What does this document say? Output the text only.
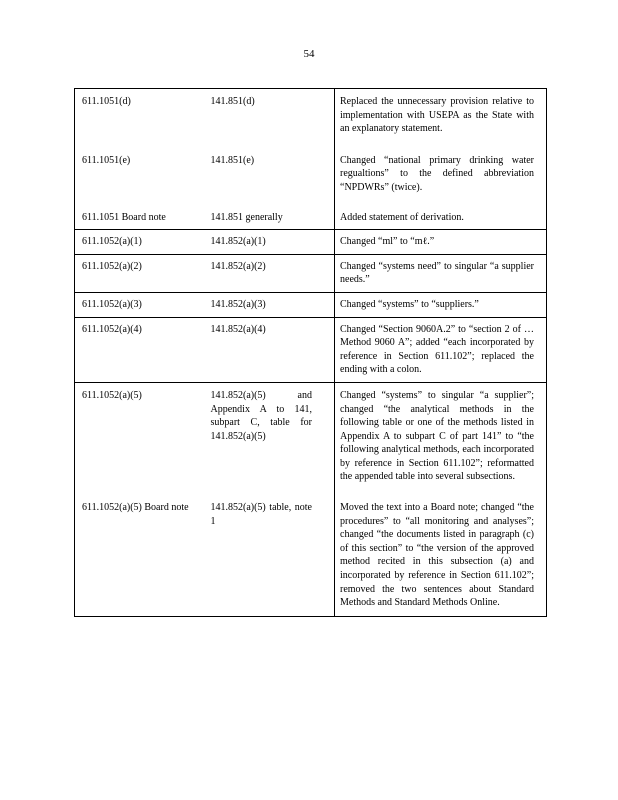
54
611.1051(d)	141.851(d)	Replaced the unnecessary provision relative to implementation with USEPA as the State with an explanatory statement.
611.1051(e)	141.851(e)	Changed “national primary drinking water regualtions” to the defined abbreviation “NPDWRs” (twice).
611.1051 Board note	141.851 generally	Added statement of derivation.
611.1052(a)(1)	141.852(a)(1)	Changed “ml” to “mℓ.”
611.1052(a)(2)	141.852(a)(2)	Changed “systems need” to singular “a supplier needs.”
611.1052(a)(3)	141.852(a)(3)	Changed “systems” to “suppliers.”
611.1052(a)(4)	141.852(a)(4)	Changed “Section 9060A.2” to “section 2 of … Method 9060 A”; added “each incorporated by reference in Section 611.102”; replaced the ending with a colon.
611.1052(a)(5)	141.852(a)(5) and Appendix A to 141, subpart C, table for 141.852(a)(5)	Changed “systems” to singular “a supplier”; changed “the analytical methods in the following table or one of the methods listed in Appendix A to subpart C of part 141” to “the following analytical methods, each incorporated by reference in Section 611.102”; reformatted the appended table into several subsections.
611.1052(a)(5) Board note	141.852(a)(5) table, note 1	Moved the text into a Board note; changed “the procedures” to “all monitoring and analyses”; changed “the documents listed in paragraph (c) of this section” to “the version of the approved method recited in this subsection (a) and incorporated by reference in Section 611.102”; removed the two sentences about Standard Methods and Standard Methods Online.
